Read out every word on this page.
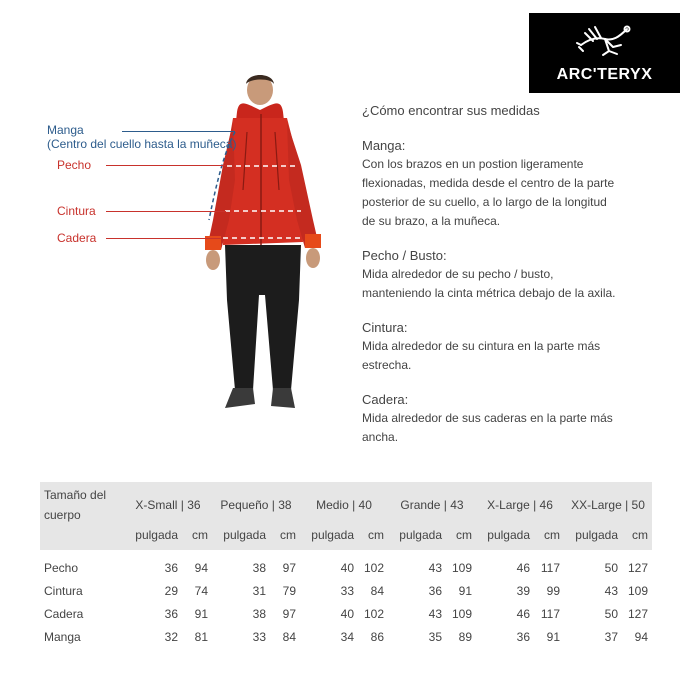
ARC'TERYX
Manga
(Centro del cuello hasta la muñeca)
Pecho
Cintura
Cadera
¿Cómo encontrar sus medidas
Manga:
Con los brazos en un postion ligeramente
flexionadas, medida desde el centro de la parte
posterior de su cuello, a lo largo de la longitud
de su brazo, a la muñeca.
Pecho / Busto:
Mida alrededor de su pecho / busto,
manteniendo la cinta métrica debajo de la axila.
Cintura:
Mida alrededor de su cintura en la parte más
estrecha.
Cadera:
Mida alrededor de sus caderas en la parte más
ancha.
Tamaño del
cuerpo	X-Small | 36		Pequeño | 38		Medio | 40		Grande | 43		X-Large | 46		XX-Large | 50	
	pulgada	cm	pulgada	cm	pulgada	cm	pulgada	cm	pulgada	cm	pulgada	cm

Pecho	36	94	38	97	40	102	43	109	46	117	50	127
Cintura	29	74	31	79	33	84	36	91	39	99	43	109
Cadera	36	91	38	97	40	102	43	109	46	117	50	127
Manga	32	81	33	84	34	86	35	89	36	91	37	94
